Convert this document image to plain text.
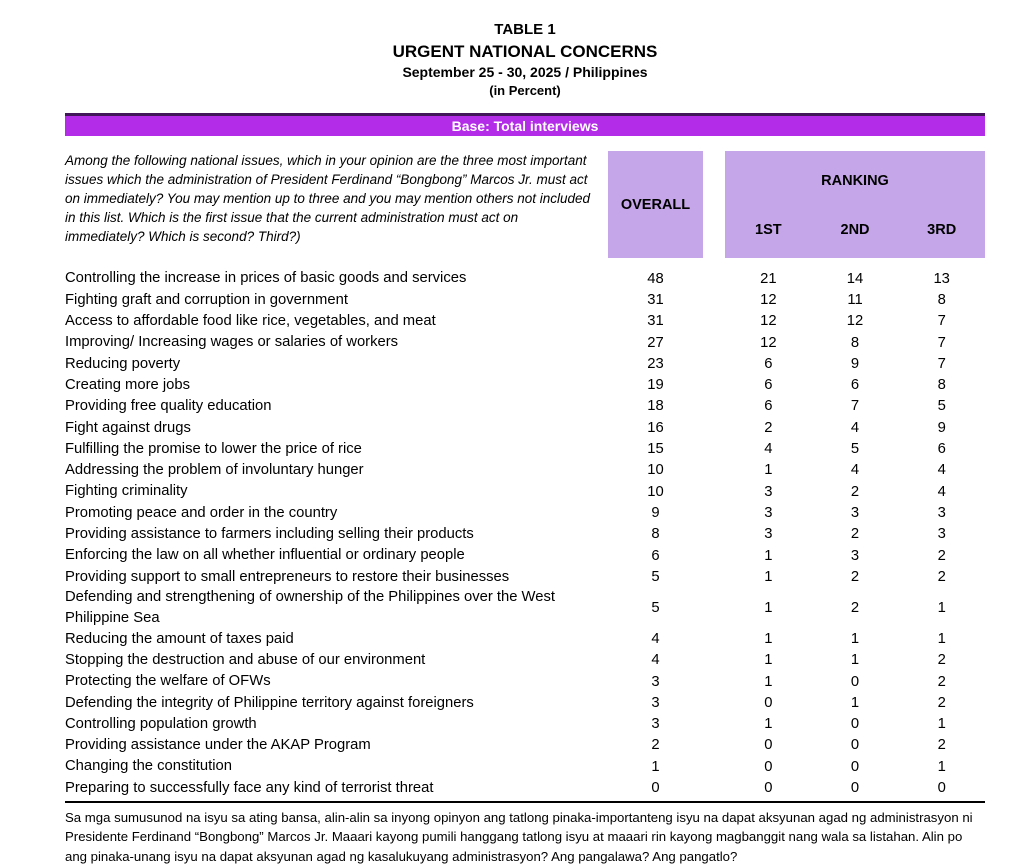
TABLE 1
URGENT NATIONAL CONCERNS
September 25 - 30, 2025 / Philippines
(in Percent)
Base: Total interviews
Among the following national issues, which in your opinion are the three most important issues which the administration of President Ferdinand “Bongbong” Marcos Jr. must act on immediately? You may mention up to three and you may mention others not included in this list. Which is the first issue that the current administration must act on immediately? Which is second? Third?)
OVERALL
RANKING
1ST	2ND	3RD
Controlling the increase in prices of basic goods and services	48	21	14	13
Fighting graft and corruption in government	31	12	11	8
Access to affordable food like rice, vegetables, and meat	31	12	12	7
Improving/ Increasing wages or salaries of workers	27	12	8	7
Reducing poverty	23	6	9	7
Creating more jobs	19	6	6	8
Providing free quality education	18	6	7	5
Fight against drugs	16	2	4	9
Fulfilling the promise to lower the price of rice	15	4	5	6
Addressing the problem of involuntary hunger	10	1	4	4
Fighting criminality	10	3	2	4
Promoting peace and order in the country	9	3	3	3
Providing assistance to farmers including selling their products	8	3	2	3
Enforcing the law on all whether influential or ordinary people	6	1	3	2
Providing support to small entrepreneurs to restore their businesses	5	1	2	2
Defending and strengthening of ownership of the Philippines over the West Philippine Sea
5	1	2	1
Reducing the amount of taxes paid	4	1	1	1
Stopping the destruction and abuse of our environment	4	1	1	2
Protecting the welfare of OFWs	3	1	0	2
Defending the integrity of Philippine territory against foreigners	3	0	1	2
Controlling population growth	3	1	0	1
Providing assistance under the AKAP Program	2	0	0	2
Changing the constitution	1	0	0	1
Preparing to successfully face any kind of terrorist threat	0	0	0	0
Sa mga sumusunod na isyu sa ating bansa, alin-alin sa inyong opinyon ang tatlong pinaka-importanteng isyu na dapat aksyunan agad ng administrasyon ni Presidente Ferdinand “Bongbong” Marcos Jr. Maaari kayong pumili hanggang tatlong isyu at maaari rin kayong magbanggit nang wala sa listahan. Alin po ang pinaka-unang isyu na dapat aksyunan agad ng kasalukuyang administrasyon? Ang pangalawa? Ang pangatlo?
